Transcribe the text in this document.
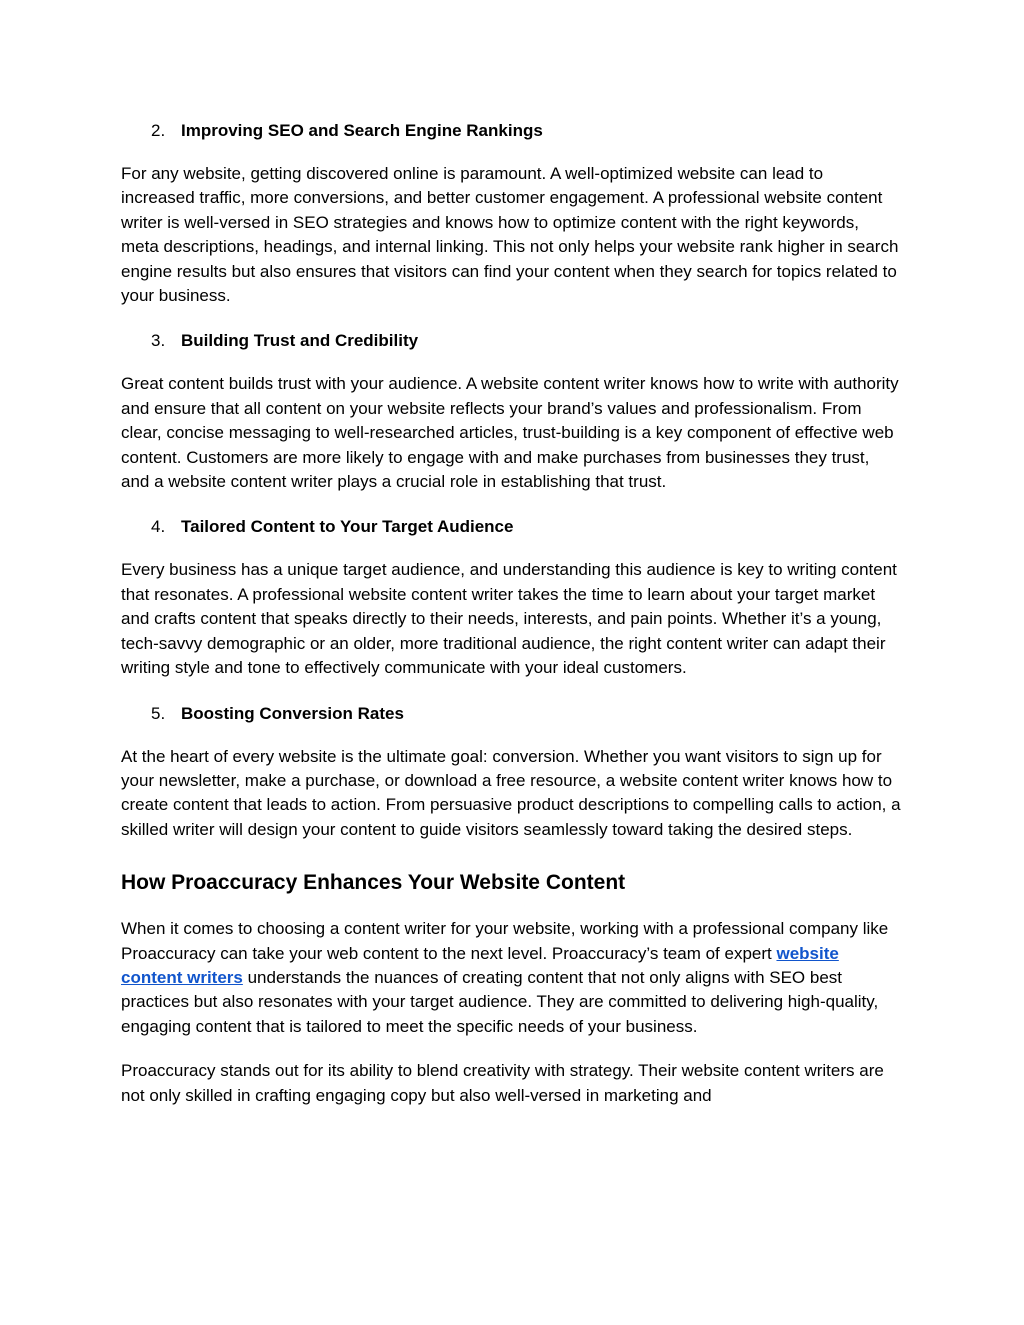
2. Improving SEO and Search Engine Rankings

For any website, getting discovered online is paramount. A well-optimized website can lead to increased traffic, more conversions, and better customer engagement. A professional website content writer is well-versed in SEO strategies and knows how to optimize content with the right keywords, meta descriptions, headings, and internal linking. This not only helps your website rank higher in search engine results but also ensures that visitors can find your content when they search for topics related to your business.

3. Building Trust and Credibility

Great content builds trust with your audience. A website content writer knows how to write with authority and ensure that all content on your website reflects your brand’s values and professionalism. From clear, concise messaging to well-researched articles, trust-building is a key component of effective web content. Customers are more likely to engage with and make purchases from businesses they trust, and a website content writer plays a crucial role in establishing that trust.

4. Tailored Content to Your Target Audience

Every business has a unique target audience, and understanding this audience is key to writing content that resonates. A professional website content writer takes the time to learn about your target market and crafts content that speaks directly to their needs, interests, and pain points. Whether it’s a young, tech-savvy demographic or an older, more traditional audience, the right content writer can adapt their writing style and tone to effectively communicate with your ideal customers.

5. Boosting Conversion Rates

At the heart of every website is the ultimate goal: conversion. Whether you want visitors to sign up for your newsletter, make a purchase, or download a free resource, a website content writer knows how to create content that leads to action. From persuasive product descriptions to compelling calls to action, a skilled writer will design your content to guide visitors seamlessly toward taking the desired steps.

How Proaccuracy Enhances Your Website Content

When it comes to choosing a content writer for your website, working with a professional company like Proaccuracy can take your web content to the next level. Proaccuracy’s team of expert website content writers understands the nuances of creating content that not only aligns with SEO best practices but also resonates with your target audience. They are committed to delivering high-quality, engaging content that is tailored to meet the specific needs of your business.

Proaccuracy stands out for its ability to blend creativity with strategy. Their website content writers are not only skilled in crafting engaging copy but also well-versed in marketing and
